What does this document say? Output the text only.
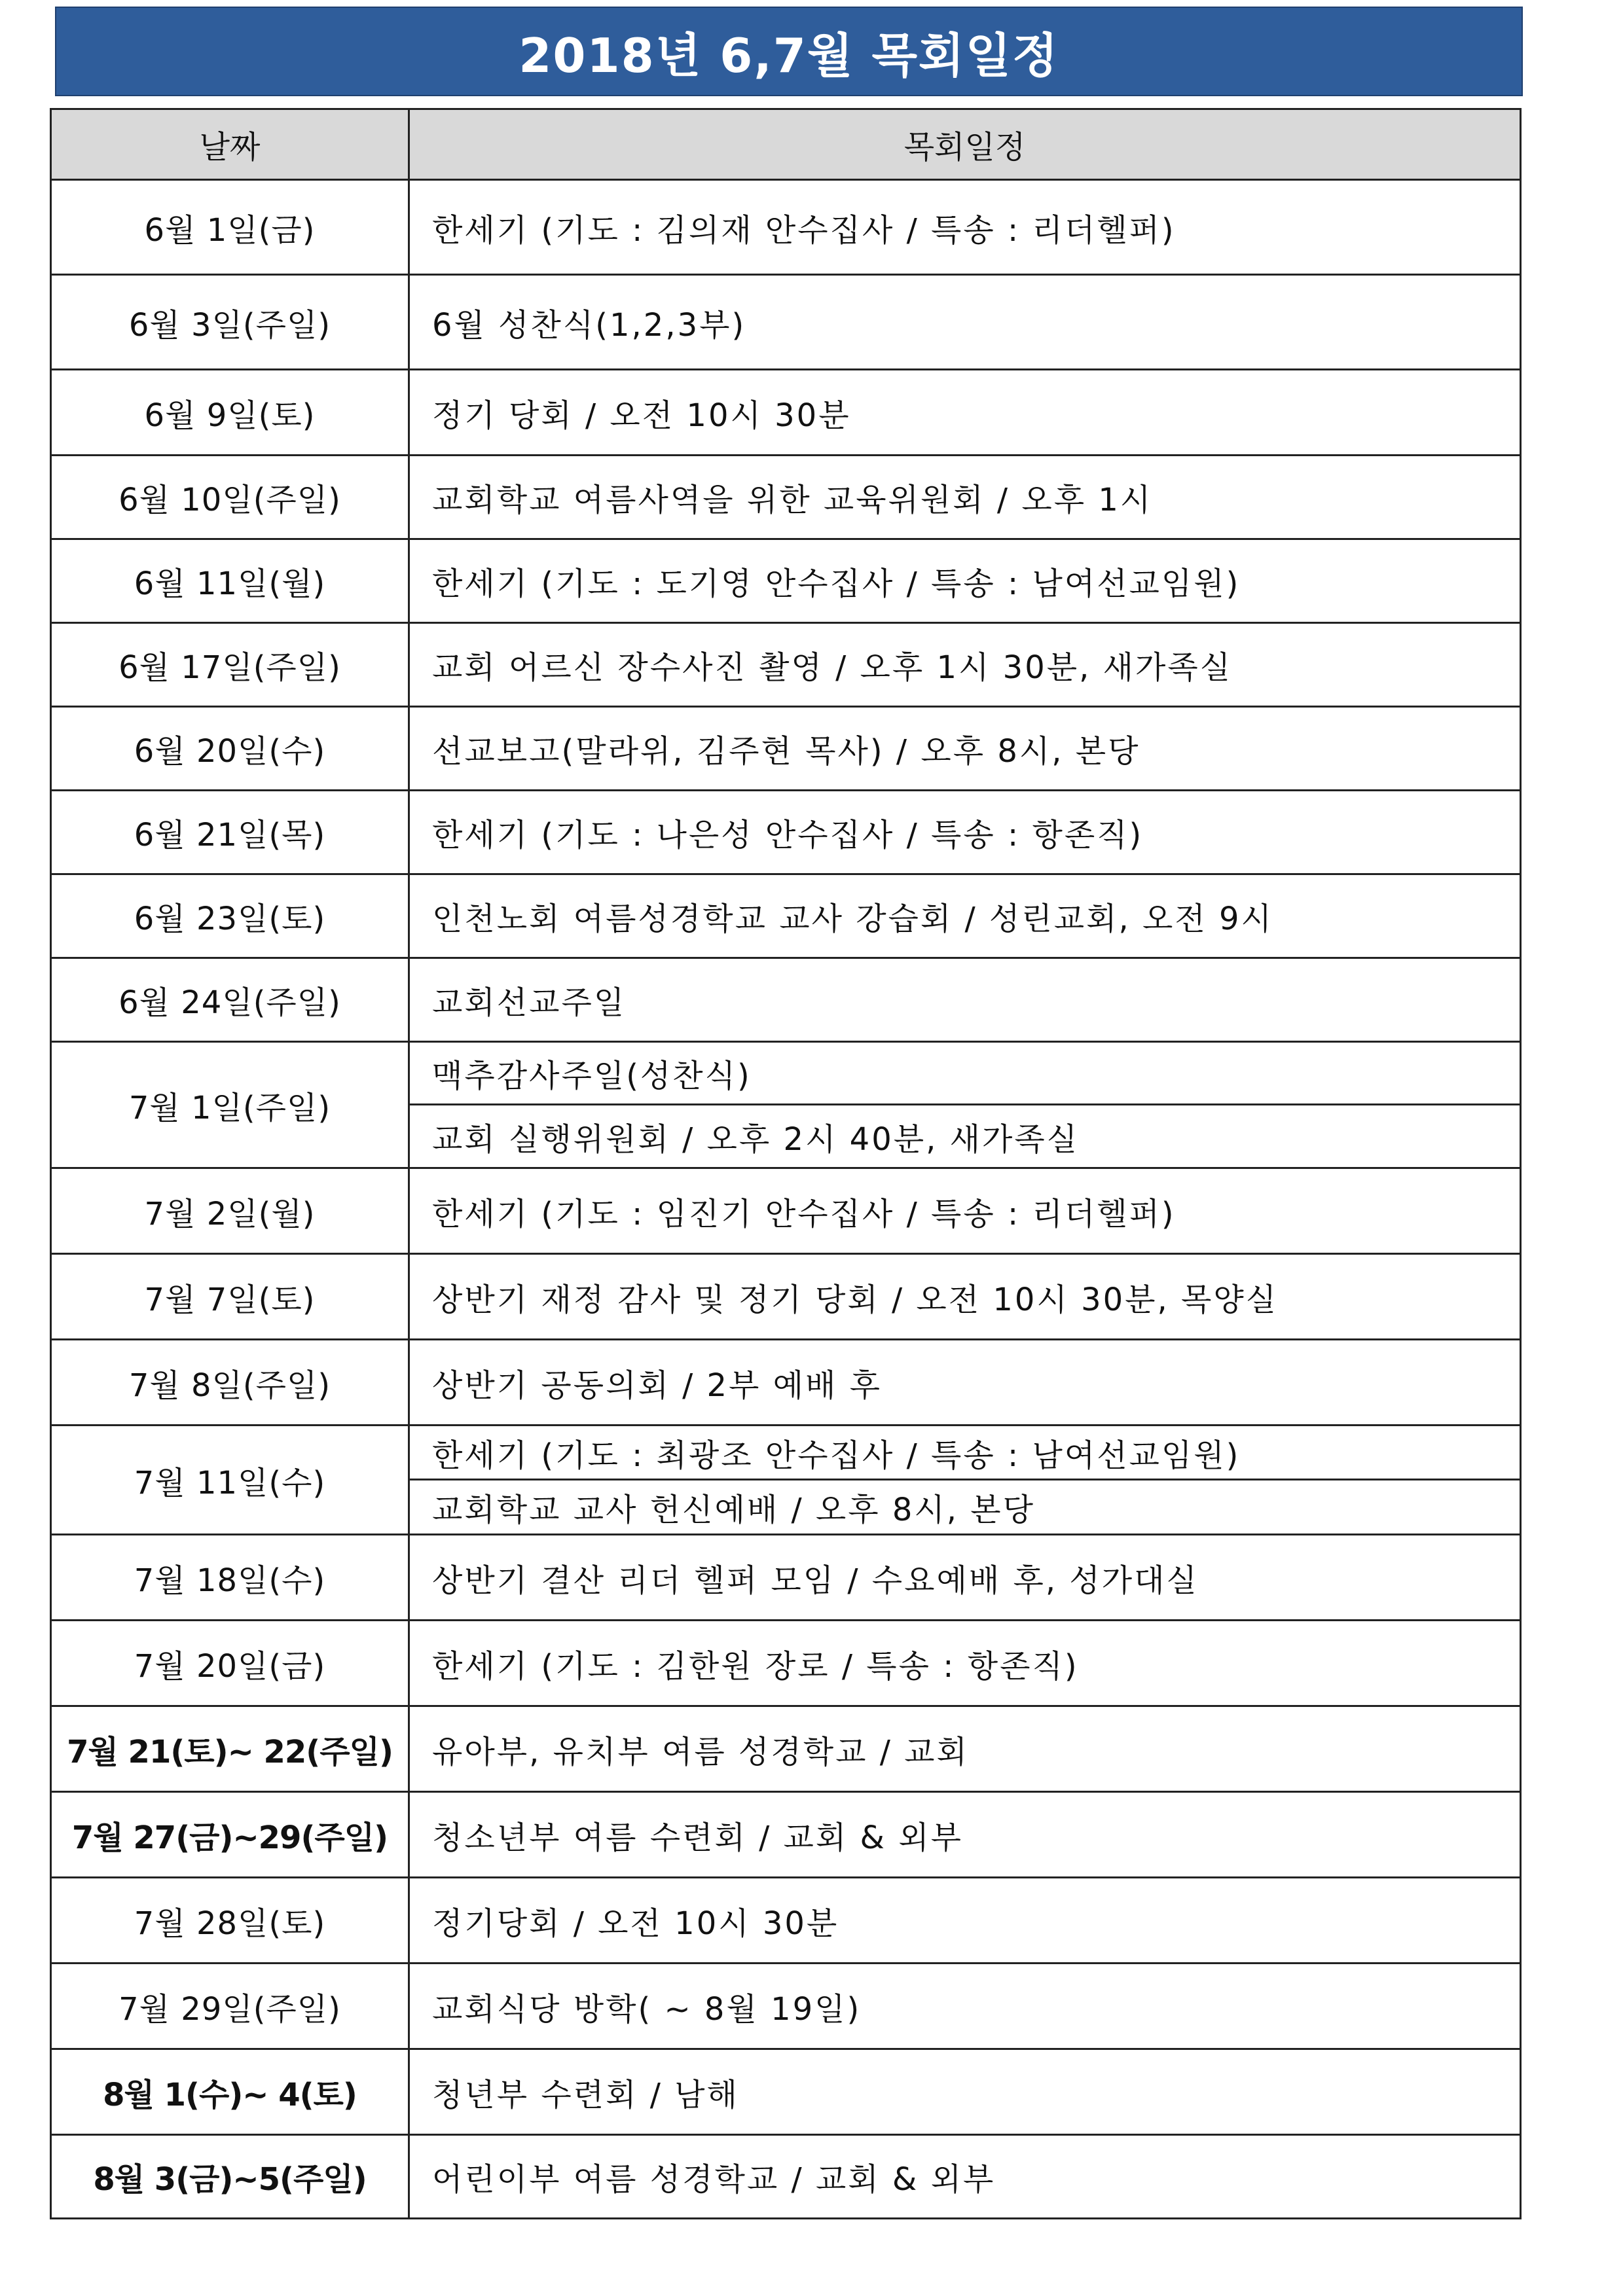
2018년 6,7월 목회일정
날짜	목회일정
6월 1일(금)	한세기 (기도 : 김의재 안수집사 / 특송 : 리더헬퍼)
6월 3일(주일)	6월 성찬식(1,2,3부)
6월 9일(토)	정기 당회 / 오전 10시 30분
6월 10일(주일)	교회학교 여름사역을 위한 교육위원회 / 오후 1시
6월 11일(월)	한세기 (기도 : 도기영 안수집사 / 특송 : 남여선교임원)
6월 17일(주일)	교회 어르신 장수사진 촬영 / 오후 1시 30분, 새가족실
6월 20일(수)	선교보고(말라위, 김주현 목사) / 오후 8시, 본당
6월 21일(목)	한세기 (기도 : 나은성 안수집사 / 특송 : 항존직)
6월 23일(토)	인천노회 여름성경학교 교사 강습회 / 성린교회, 오전 9시
6월 24일(주일)	교회선교주일
7월 1일(주일)	맥추감사주일(성찬식)
	교회 실행위원회 / 오후 2시 40분, 새가족실
7월 2일(월)	한세기 (기도 : 임진기 안수집사 / 특송 : 리더헬퍼)
7월 7일(토)	상반기 재정 감사 및 정기 당회 / 오전 10시 30분, 목양실
7월 8일(주일)	상반기 공동의회 / 2부 예배 후
7월 11일(수)	한세기 (기도 : 최광조 안수집사 / 특송 : 남여선교임원)
	교회학교 교사 헌신예배 / 오후 8시, 본당
7월 18일(수)	상반기 결산 리더 헬퍼 모임 / 수요예배 후, 성가대실
7월 20일(금)	한세기 (기도 : 김한원 장로 / 특송 : 항존직)
7월 21(토)~ 22(주일)	유아부, 유치부 여름 성경학교 / 교회
7월 27(금)~29(주일)	청소년부 여름 수련회 / 교회 & 외부
7월 28일(토)	정기당회 / 오전 10시 30분
7월 29일(주일)	교회식당 방학( ~ 8월 19일)
8월 1(수)~ 4(토)	청년부 수련회 / 남해
8월 3(금)~5(주일)	어린이부 여름 성경학교 / 교회 & 외부
